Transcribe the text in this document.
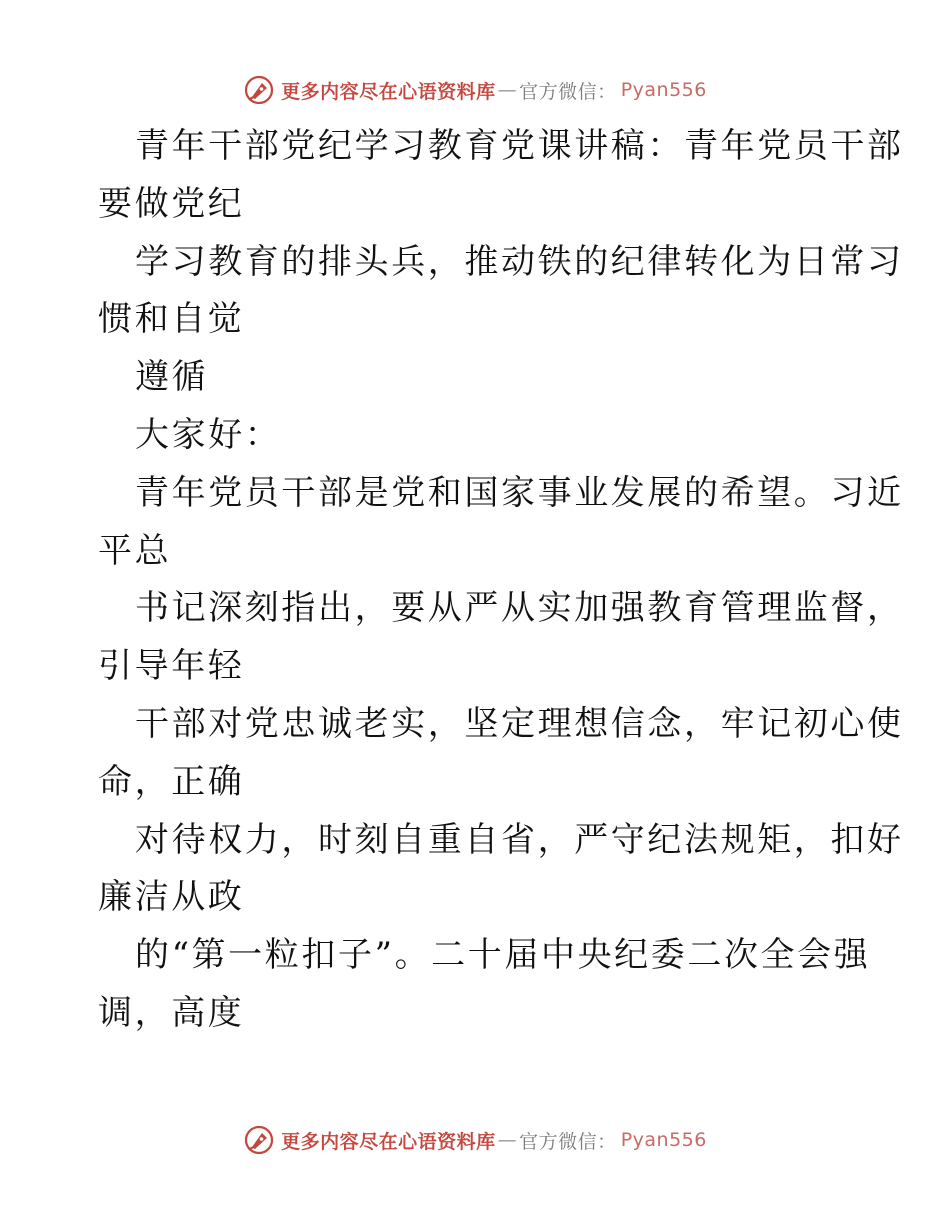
更多内容尽在心语资料库 — 官方微信： Pyan556
青年干部党纪学习教育党课讲稿：青年党员干部
要做党纪
学习教育的排头兵，推动铁的纪律转化为日常习
惯和自觉
遵循
大家好：
青年党员干部是党和国家事业发展的希望。习近
平总
书记深刻指出，要从严从实加强教育管理监督，
引导年轻
干部对党忠诚老实，坚定理想信念，牢记初心使
命，正确
对待权力，时刻自重自省，严守纪法规矩，扣好
廉洁从政
的“第一粒扣子”。二十届中央纪委二次全会强
调，高度
更多内容尽在心语资料库 — 官方微信： Pyan556
